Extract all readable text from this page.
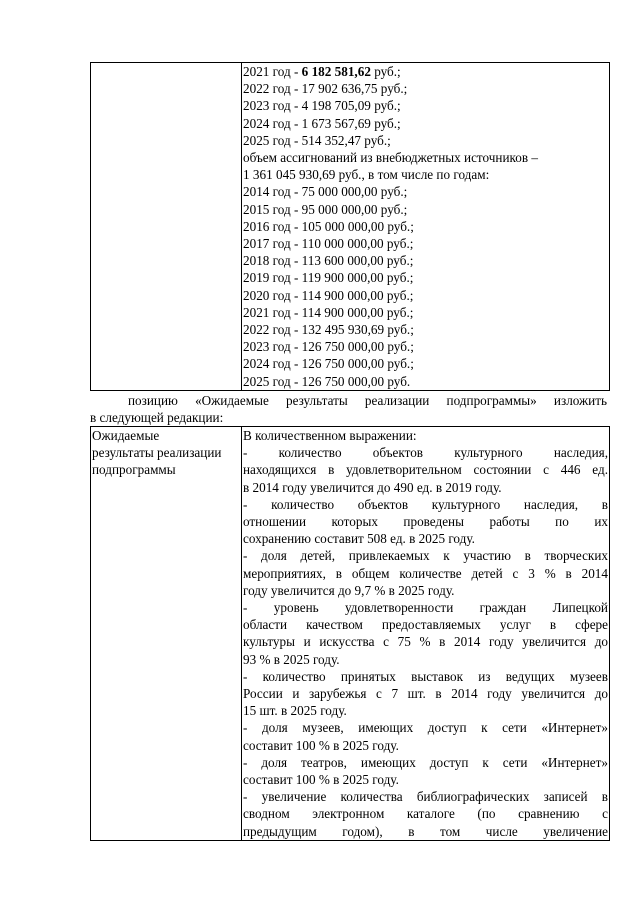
2021 год - 6 182 581,62 руб.;
2022 год - 17 902 636,75 руб.;
2023 год - 4 198 705,09 руб.;
2024 год - 1 673 567,69 руб.;
2025 год - 514 352,47 руб.;
объем ассигнований из внебюджетных источников –
1 361 045 930,69 руб., в том числе по годам:
2014 год - 75 000 000,00 руб.;
2015 год - 95 000 000,00 руб.;
2016 год - 105 000 000,00 руб.;
2017 год - 110 000 000,00 руб.;
2018 год - 113 600 000,00 руб.;
2019 год - 119 900 000,00 руб.;
2020 год - 114 900 000,00 руб.;
2021 год - 114 900 000,00 руб.;
2022 год - 132 495 930,69 руб.;
2023 год - 126 750 000,00 руб.;
2024 год - 126 750 000,00 руб.;
2025 год - 126 750 000,00 руб.
позицию «Ожидаемые результаты реализации подпрограммы» изложить
в следующей редакции:
Ожидаемые
результаты реализации
подпрограммы

В количественном выражении:
- количество объектов культурного наследия,
находящихся в удовлетворительном состоянии с 446 ед.
в 2014 году увеличится до 490 ед. в 2019 году.
- количество объектов культурного наследия, в
отношении которых проведены работы по их
сохранению составит 508 ед. в 2025 году.
- доля детей, привлекаемых к участию в творческих
мероприятиях, в общем количестве детей с 3 % в 2014
году увеличится до 9,7 % в 2025 году.
- уровень удовлетворенности граждан Липецкой
области качеством предоставляемых услуг в сфере
культуры и искусства с 75 % в 2014 году увеличится до
93 % в 2025 году.
- количество принятых выставок из ведущих музеев
России и зарубежья с 7 шт. в 2014 году увеличится до
15 шт. в 2025 году.
- доля музеев, имеющих доступ к сети «Интернет»
составит 100 % в 2025 году.
- доля театров, имеющих доступ к сети «Интернет»
составит 100 % в 2025 году.
- увеличение количества библиографических записей в
сводном электронном каталоге (по сравнению с
предыдущим годом), в том числе увеличение
